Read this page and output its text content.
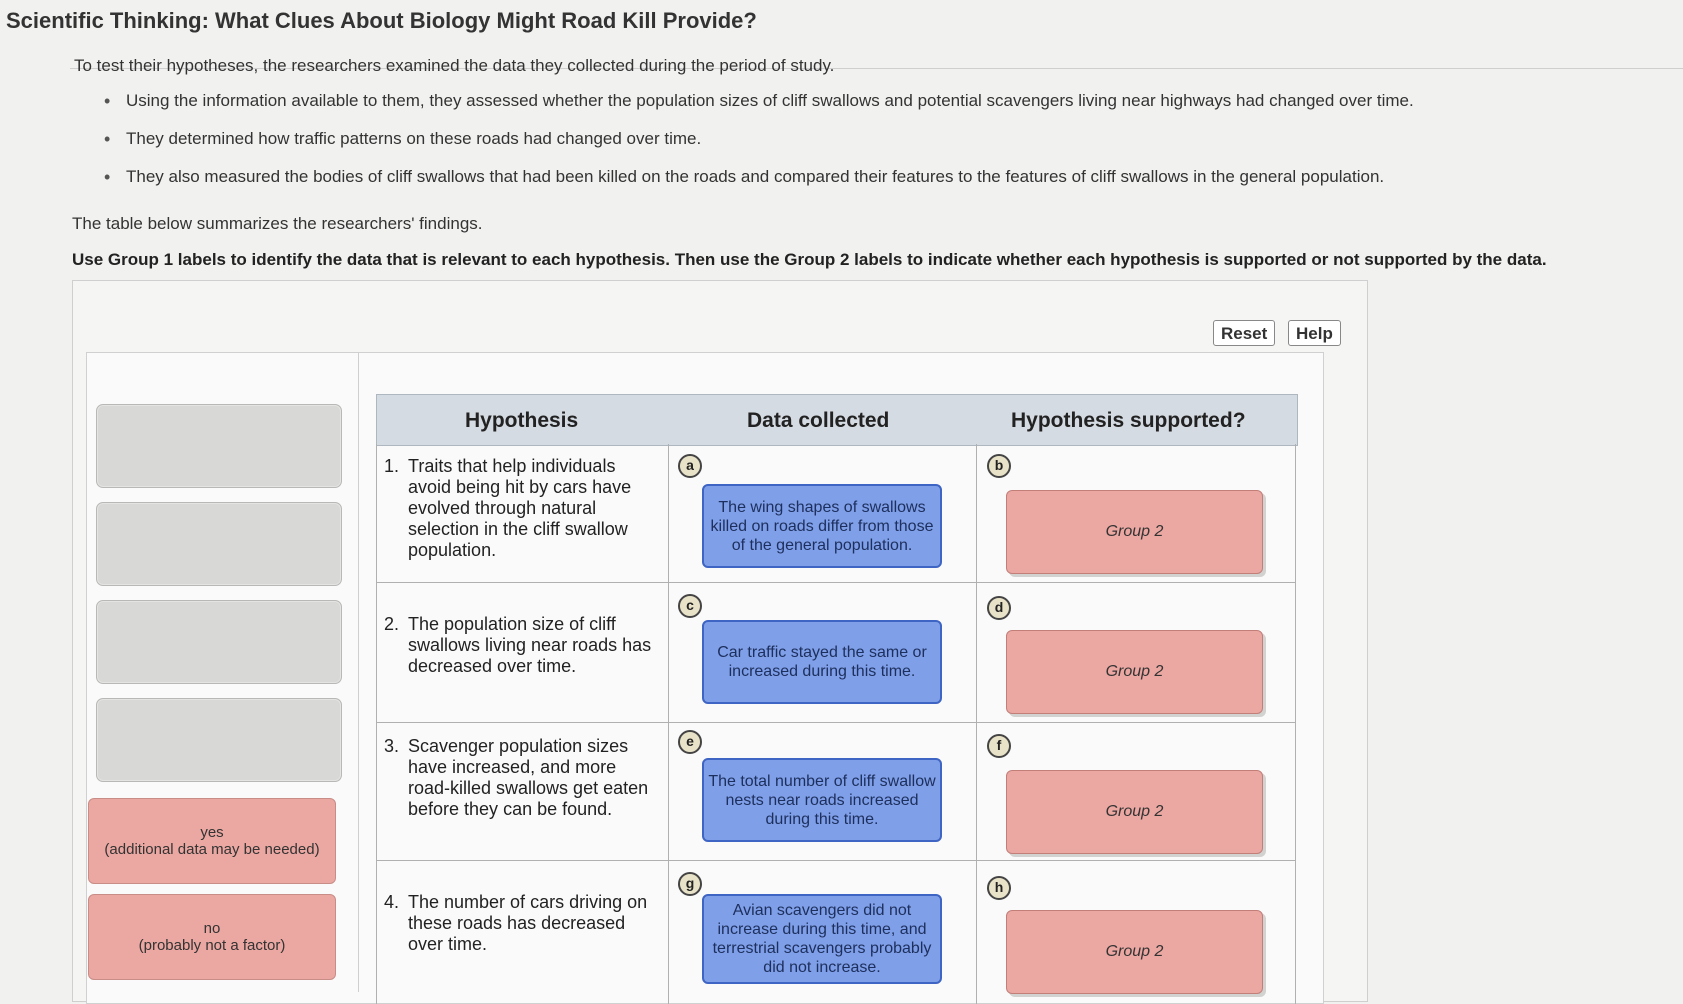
Scientific Thinking: What Clues About Biology Might Road Kill Provide?
To test their hypotheses, the researchers examined the data they collected during the period of study.
• Using the information available to them, they assessed whether the population sizes of cliff swallows and potential scavengers living near highways had changed over time.
• They determined how traffic patterns on these roads had changed over time.
• They also measured the bodies of cliff swallows that had been killed on the roads and compared their features to the features of cliff swallows in the general population.
The table below summarizes the researchers' findings.
Use Group 1 labels to identify the data that is relevant to each hypothesis. Then use the Group 2 labels to indicate whether each hypothesis is supported or not supported by the data.
Reset	Help
yes
(additional data may be needed)
no
(probably not a factor)
Hypothesis	Data collected	Hypothesis supported?
1. Traits that help individuals avoid being hit by cars have evolved through natural selection in the cliff swallow population.
a
The wing shapes of swallows killed on roads differ from those of the general population.
b
Group 2
2. The population size of cliff swallows living near roads has decreased over time.
c
Car traffic stayed the same or increased during this time.
d
Group 2
3. Scavenger population sizes have increased, and more road-killed swallows get eaten before they can be found.
e
The total number of cliff swallow nests near roads increased during this time.
f
Group 2
4. The number of cars driving on these roads has decreased over time.
g
Avian scavengers did not increase during this time, and terrestrial scavengers probably did not increase.
h
Group 2
